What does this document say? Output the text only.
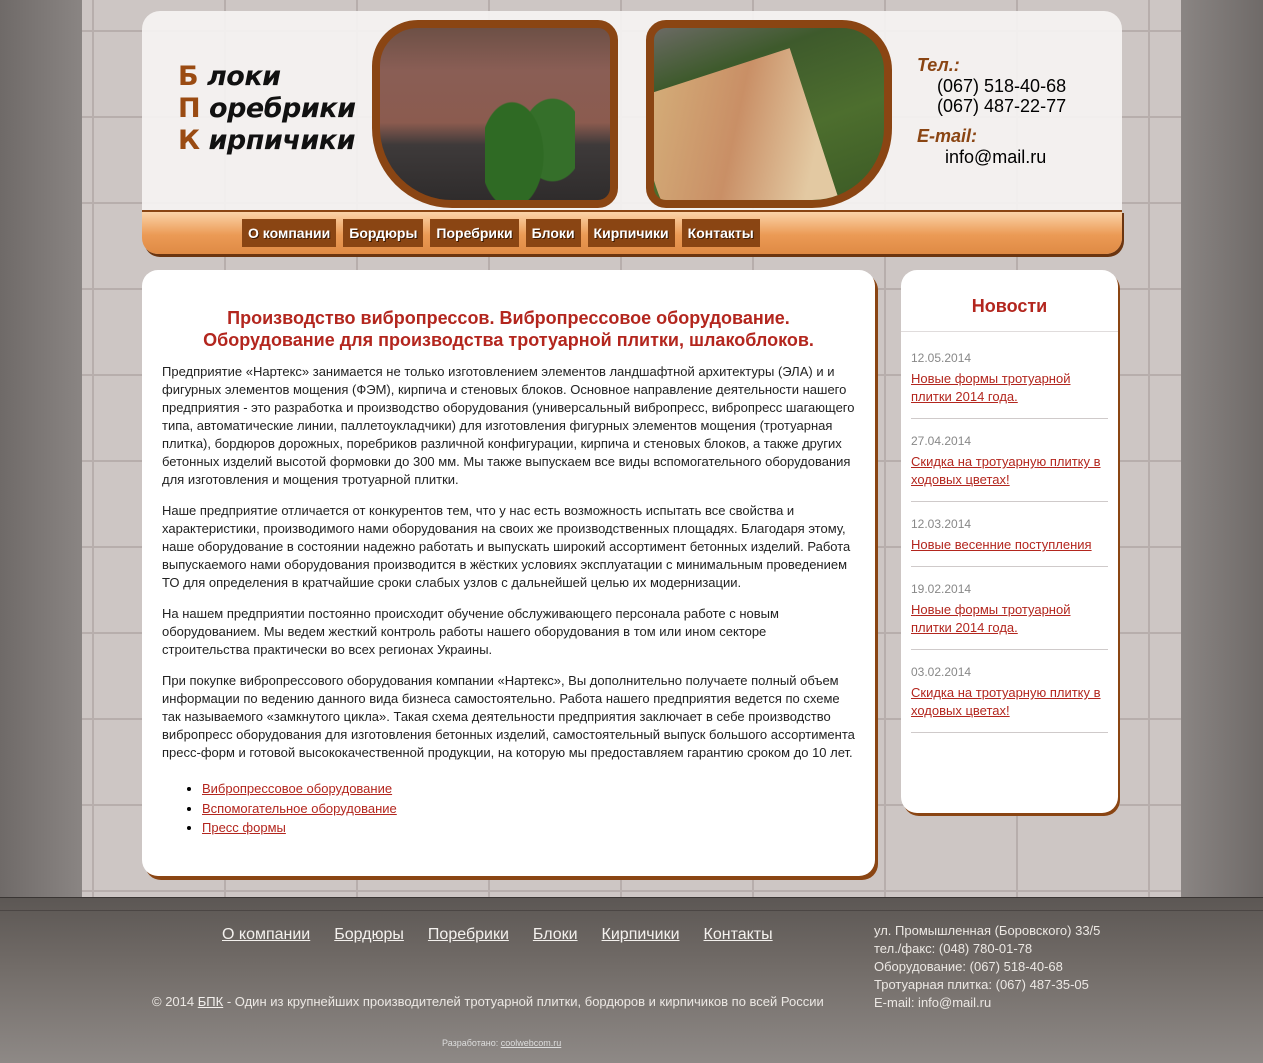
Б локи
П оребрики
К ирпичики
Тел.:
(067) 518-40-68
(067) 487-22-77
E-mail:
info@mail.ru
О компании	Бордюры	Поребрики	Блоки	Кирпичики	Контакты
Производство вибропрессов. Вибропрессовое оборудование.
Оборудование для производства тротуарной плитки, шлакоблоков.

Предприятие «Нартекс» занимается не только изготовлением элементов ландшафтной архитектуры (ЭЛА) и и фигурных элементов мощения (ФЭМ), кирпича и стеновых блоков. Основное направление деятельности нашего предприятия - это разработка и производство оборудования (универсальный вибропресс, вибропресс шагающего типа, автоматические линии, паллетоукладчики) для изготовления фигурных элементов мощения (тротуарная плитка), бордюров дорожных, поребриков различной конфигурации, кирпича и стеновых блоков, а также других бетонных изделий высотой формовки до 300 мм. Мы также выпускаем все виды вспомогательного оборудования для изготовления и мощения тротуарной плитки.

Наше предприятие отличается от конкурентов тем, что у нас есть возможность испытать все свойства и характеристики, производимого нами оборудования на своих же производственных площадях. Благодаря этому, наше оборудование в состоянии надежно работать и выпускать широкий ассортимент бетонных изделий. Работа выпускаемого нами оборудования производится в жёстких условиях эксплуатации с минимальным проведением ТО для определения в кратчайшие сроки слабых узлов с дальнейшей целью их модернизации.

На нашем предприятии постоянно происходит обучение обслуживающего персонала работе с новым оборудованием. Мы ведем жесткий контроль работы нашего оборудования в том или ином секторе строительства практически во всех регионах Украины.

При покупке вибропрессового оборудования компании «Нартекс», Вы дополнительно получаете полный объем информации по ведению данного вида бизнеса самостоятельно. Работа нашего предприятия ведется по схеме так называемого «замкнутого цикла». Такая схема деятельности предприятия заключает в себе производство вибропресс оборудования для изготовления бетонных изделий, самостоятельный выпуск большого ассортимента пресс-форм и готовой высококачественной продукции, на которую мы предоставляем гарантию сроком до 10 лет.

• Вибропрессовое оборудование
• Вспомогательное оборудование
• Пресс формы
Новости
12.05.2014
Новые формы тротуарной плитки 2014 года.
27.04.2014
Скидка на тротуарную плитку в ходовых цветах!
12.03.2014
Новые весенние поступления
19.02.2014
Новые формы тротуарной плитки 2014 года.
03.02.2014
Скидка на тротуарную плитку в ходовых цветах!
О компании Бордюры Поребрики Блоки Кирпичики Контакты
© 2014 БПК - Один из крупнейших производителей тротуарной плитки, бордюров и кирпичиков по всей России
ул. Промышленная (Боровского) 33/5
тел./факс: (048) 780-01-78
Оборудование: (067) 518-40-68
Тротуарная плитка: (067) 487-35-05
E-mail: info@mail.ru
Разработано: coolwebcom.ru
